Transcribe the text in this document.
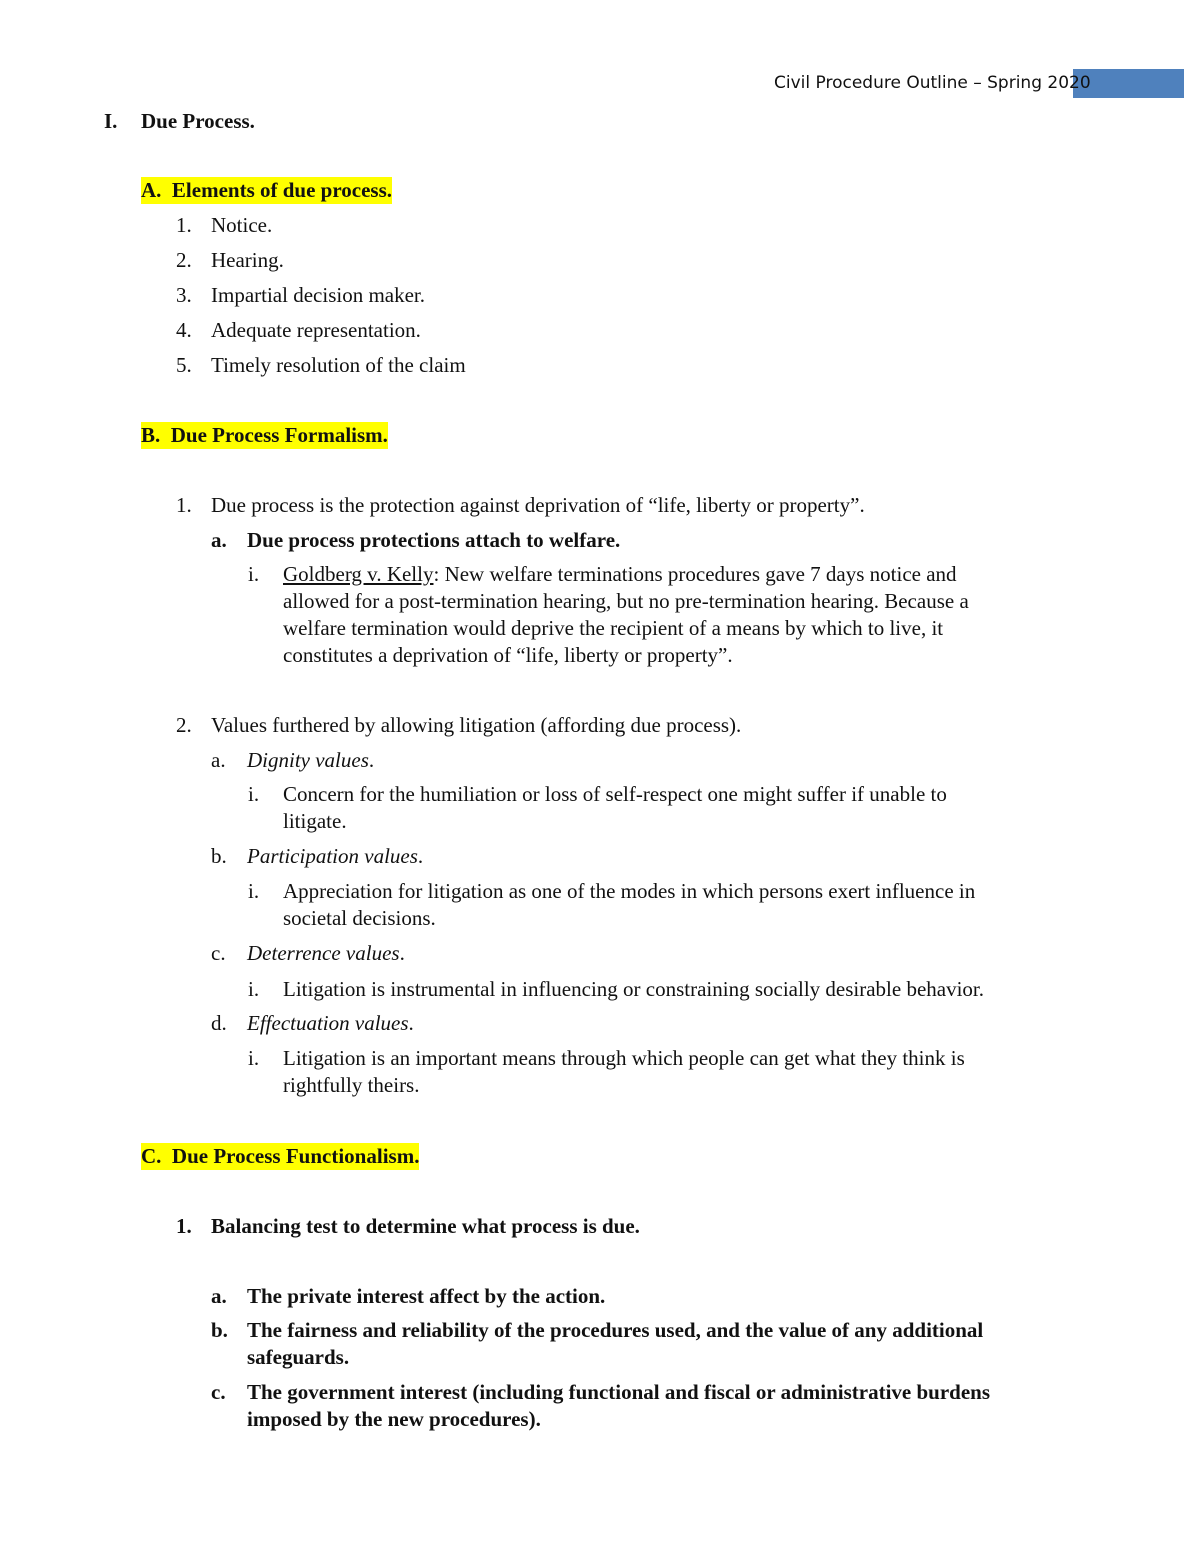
Civil Procedure Outline – Spring 2020
I. Due Process.
A. Elements of due process.
1. Notice.
2. Hearing.
3. Impartial decision maker.
4. Adequate representation.
5. Timely resolution of the claim
B. Due Process Formalism.
1. Due process is the protection against deprivation of “life, liberty or property”.
a. Due process protections attach to welfare.
i. Goldberg v. Kelly: New welfare terminations procedures gave 7 days notice and
allowed for a post-termination hearing, but no pre-termination hearing. Because a
welfare termination would deprive the recipient of a means by which to live, it
constitutes a deprivation of “life, liberty or property”.
2. Values furthered by allowing litigation (affording due process).
a. Dignity values.
i. Concern for the humiliation or loss of self-respect one might suffer if unable to
litigate.
b. Participation values.
i. Appreciation for litigation as one of the modes in which persons exert influence in
societal decisions.
c. Deterrence values.
i. Litigation is instrumental in influencing or constraining socially desirable behavior.
d. Effectuation values.
i. Litigation is an important means through which people can get what they think is
rightfully theirs.
C. Due Process Functionalism.
1. Balancing test to determine what process is due.
a. The private interest affect by the action.
b. The fairness and reliability of the procedures used, and the value of any additional
safeguards.
c. The government interest (including functional and fiscal or administrative burdens
imposed by the new procedures).
